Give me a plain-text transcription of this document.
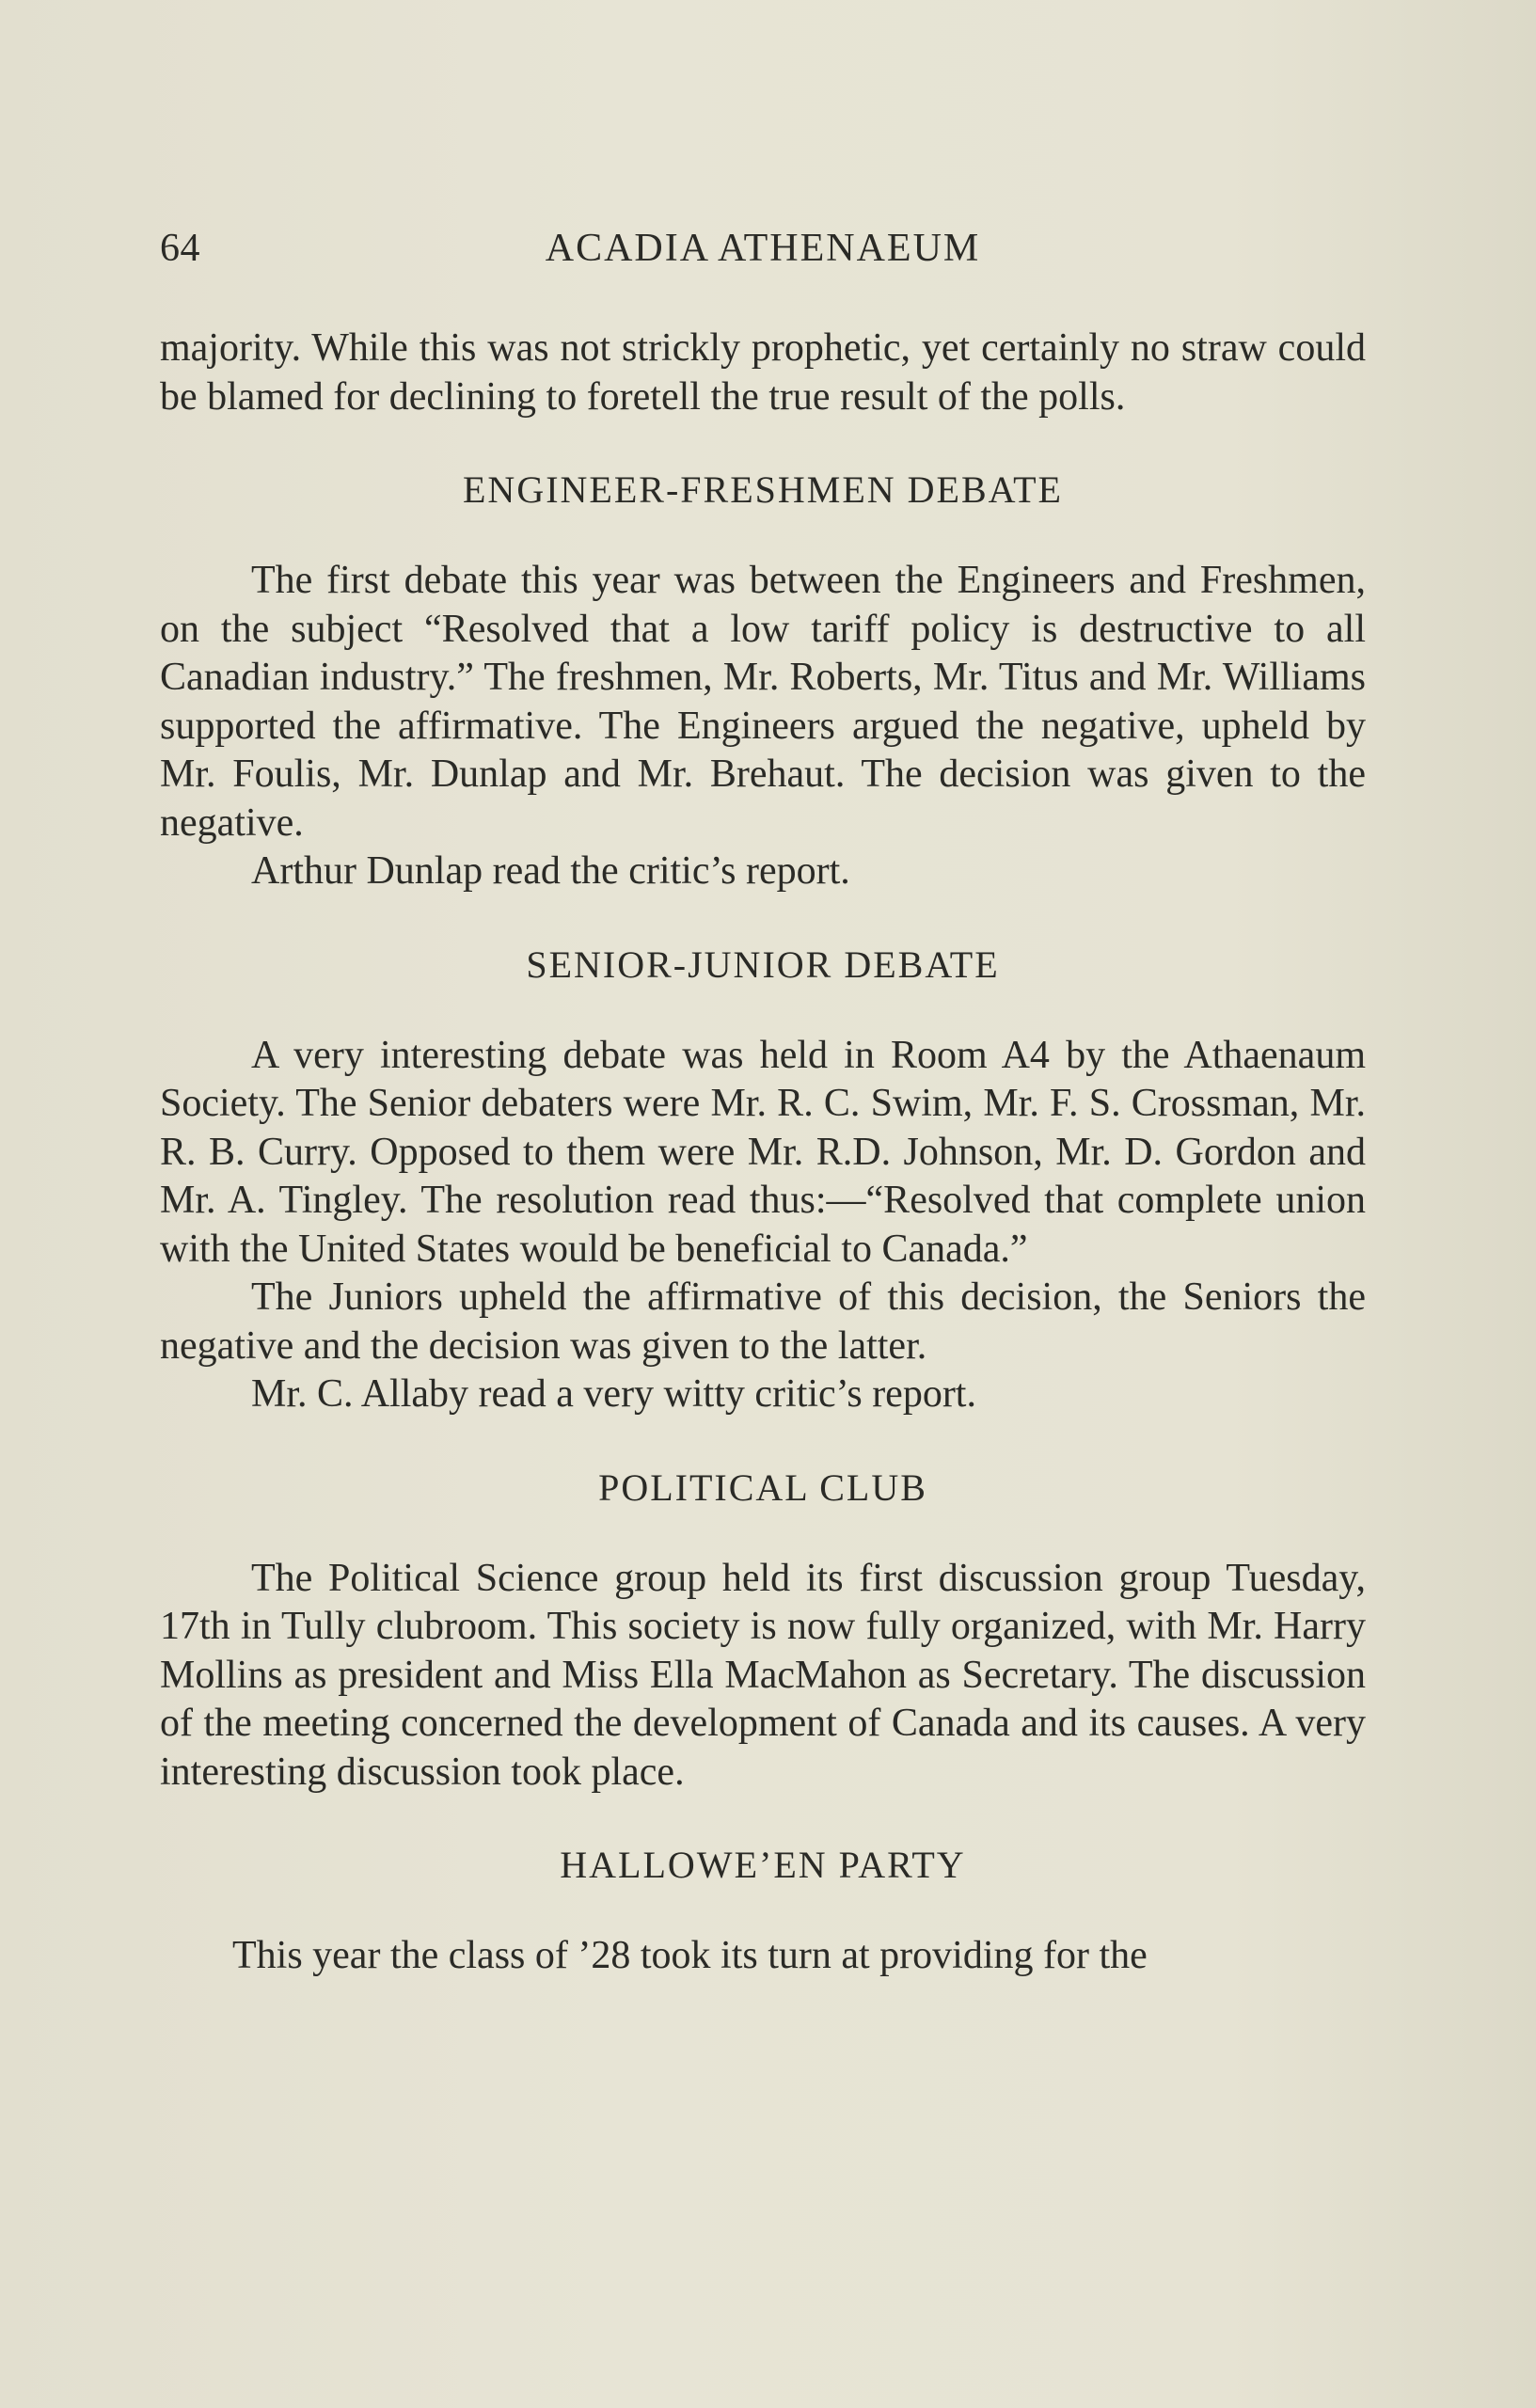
64	ACADIA ATHENAEUM

majority. While this was not strickly prophetic, yet certainly no straw could be blamed for declining to foretell the true result of the polls.

ENGINEER-FRESHMEN DEBATE

The first debate this year was between the Engineers and Freshmen, on the subject “Resolved that a low tariff policy is destructive to all Canadian industry.” The freshmen, Mr. Roberts, Mr. Titus and Mr. Williams supported the affirmative. The Engineers argued the negative, upheld by Mr. Foulis, Mr. Dunlap and Mr. Brehaut. The decision was given to the negative.

Arthur Dunlap read the critic’s report.

SENIOR-JUNIOR DEBATE

A very interesting debate was held in Room A4 by the Athaenaum Society. The Senior debaters were Mr. R. C. Swim, Mr. F. S. Crossman, Mr. R. B. Curry. Opposed to them were Mr. R.D. Johnson, Mr. D. Gordon and Mr. A. Tingley. The resolution read thus:—“Resolved that complete union with the United States would be beneficial to Canada.”

The Juniors upheld the affirmative of this decision, the Seniors the negative and the decision was given to the latter.

Mr. C. Allaby read a very witty critic’s report.

POLITICAL CLUB

The Political Science group held its first discussion group Tuesday, 17th in Tully clubroom. This society is now fully organized, with Mr. Harry Mollins as president and Miss Ella MacMahon as Secretary. The discussion of the meeting concerned the development of Canada and its causes. A very interesting discussion took place.

HALLOWE’EN PARTY

This year the class of ’28 took its turn at providing for the
